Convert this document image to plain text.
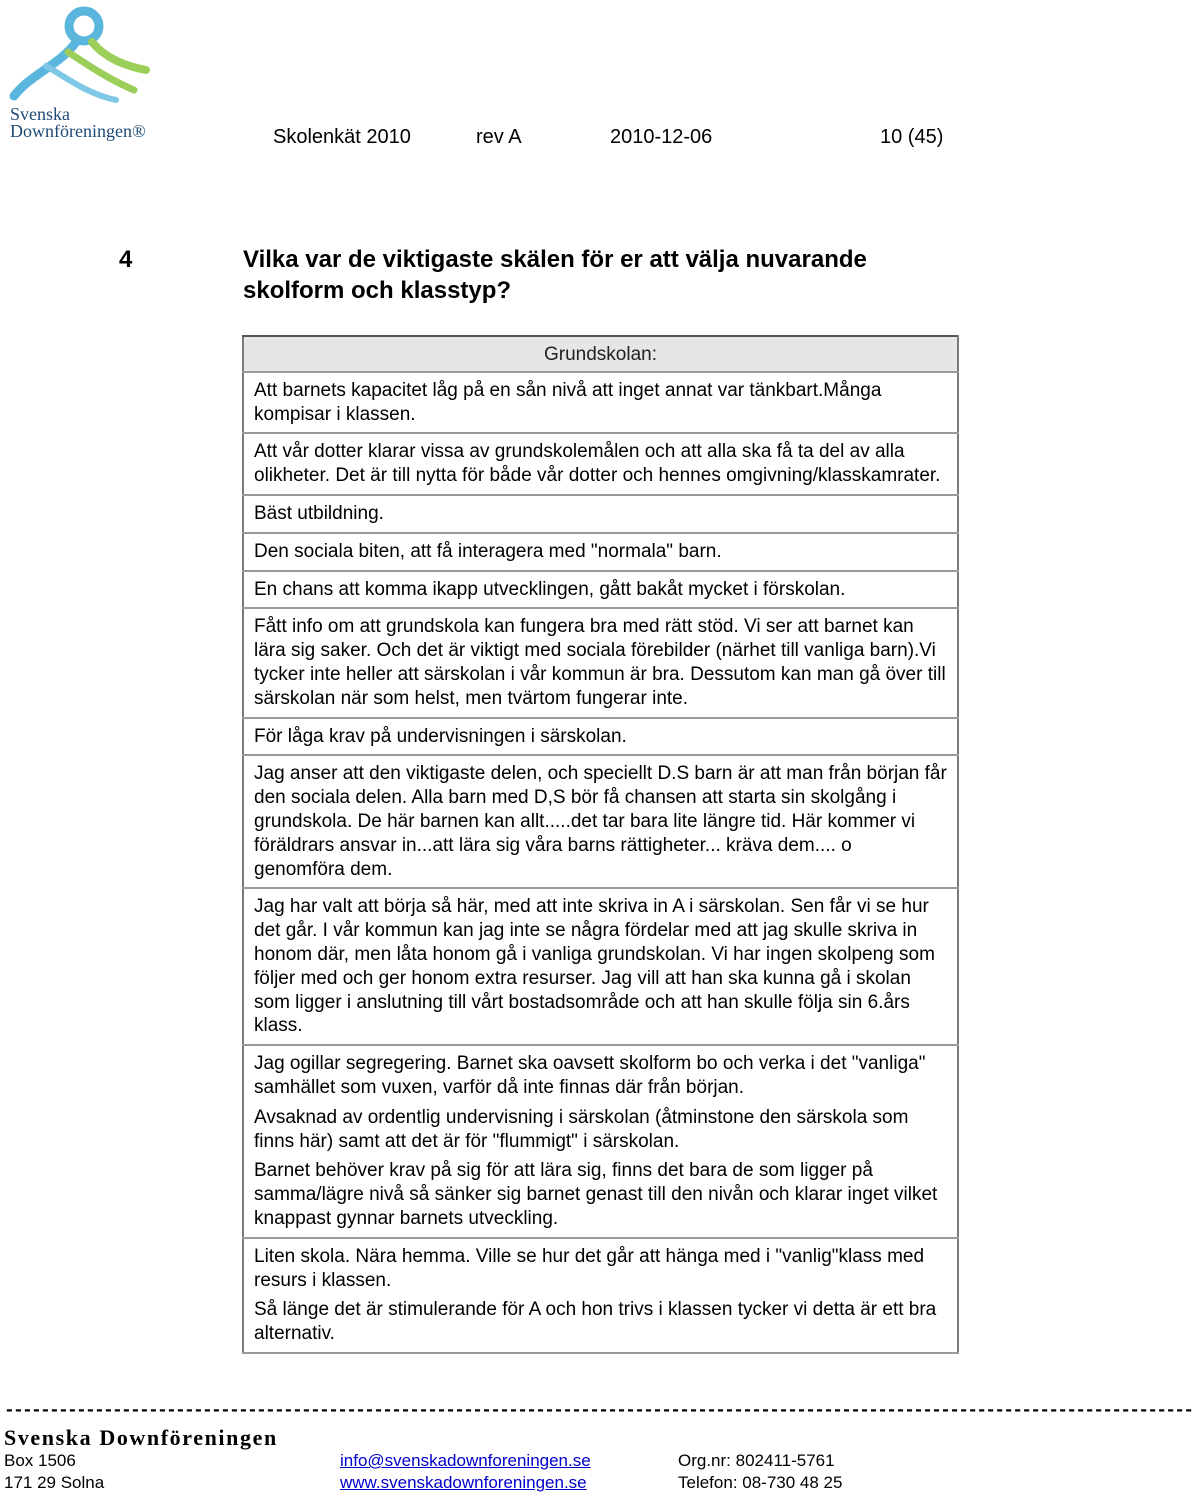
Svenska
Downföreningen®	Skolenkät 2010	rev A	2010-12-06	10 (45)
4	Vilka var de viktigaste skälen för er att välja nuvarande skolform och klasstyp?
Grundskolan:

Att barnets kapacitet låg på en sån nivå att inget annat var tänkbart.Många kompisar i klassen.

Att vår dotter klarar vissa av grundskolemålen och att alla ska få ta del av alla olikheter. Det är till nytta för både vår dotter och hennes omgivning/klasskamrater.

Bäst utbildning.

Den sociala biten, att få interagera med "normala" barn.

En chans att komma ikapp utvecklingen, gått bakåt mycket i förskolan.

Fått info om att grundskola kan fungera bra med rätt stöd. Vi ser att barnet kan lära sig saker. Och det är viktigt med sociala förebilder (närhet till vanliga barn).Vi tycker inte heller att särskolan i vår kommun är bra. Dessutom kan man gå över till särskolan när som helst, men tvärtom fungerar inte.

För låga krav på undervisningen i särskolan.

Jag anser att den viktigaste delen, och speciellt D.S barn är att man från början får den sociala delen. Alla barn med D,S bör få chansen att starta sin skolgång i grundskola. De här barnen kan allt.....det tar bara lite längre tid. Här kommer vi föräldrars ansvar in...att lära sig våra barns rättigheter... kräva dem.... o genomföra dem.

Jag har valt att börja så här, med att inte skriva in A i särskolan. Sen får vi se hur det går. I vår kommun kan jag inte se några fördelar med att jag skulle skriva in honom där, men låta honom gå i vanliga grundskolan. Vi har ingen skolpeng som följer med och ger honom extra resurser. Jag vill att han ska kunna gå i skolan som ligger i anslutning till vårt bostadsområde och att han skulle följa sin 6.års klass.

Jag ogillar segregering. Barnet ska oavsett skolform bo och verka i det "vanliga" samhället som vuxen, varför då inte finnas där från början.
Avsaknad av ordentlig undervisning i särskolan (åtminstone den särskola som finns här) samt att det är för "flummigt" i särskolan.
Barnet behöver krav på sig för att lära sig, finns det bara de som ligger på samma/lägre nivå så sänker sig barnet genast till den nivån och klarar inget vilket knappast gynnar barnets utveckling.

Liten skola. Nära hemma. Ville se hur det går att hänga med i "vanlig"klass med resurs i klassen.
Så länge det är stimulerande för A och hon trivs i klassen tycker vi detta är ett bra alternativ.
------------------------------------------------------------------------------------------------------------------------------------
Svenska Downföreningen
Box 1506
171 29 Solna
info@svenskadownforeningen.se
www.svenskadownforeningen.se
Org.nr: 802411-5761
Telefon: 08-730 48 25
